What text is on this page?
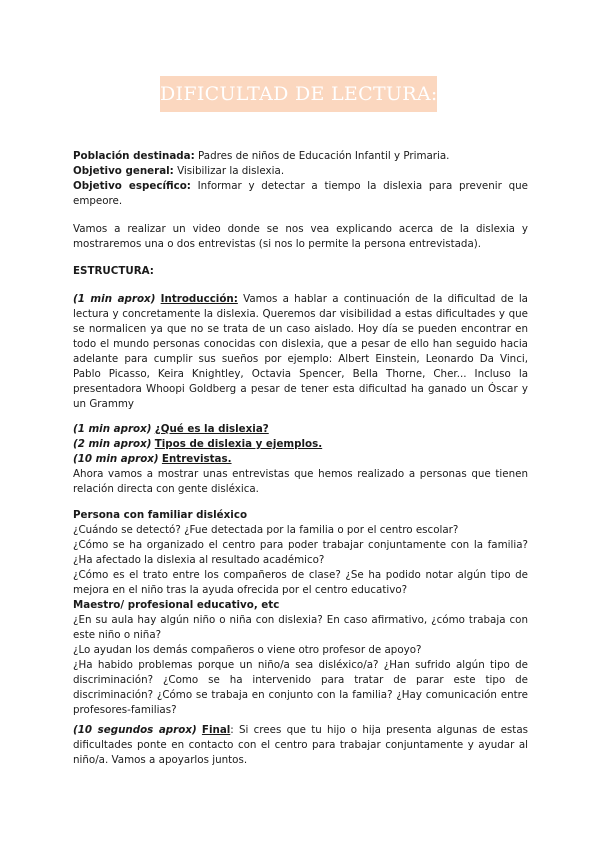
DIFICULTAD DE LECTURA: DISLEXIA

Población destinada: Padres de niños de Educación Infantil y Primaria.

Objetivo general: Visibilizar la dislexia.

Objetivo específico: Informar y detectar a tiempo la dislexia para prevenir que empeore.

Vamos a realizar un video donde se nos vea explicando acerca de la dislexia y mostraremos una o dos entrevistas (si nos lo permite la persona entrevistada).
ESTRUCTURA:
(1 min aprox) Introducción: Vamos a hablar a continuación de la dificultad de la lectura y concretamente la dislexia. Queremos dar visibilidad a estas dificultades y que se normalicen ya que no se trata de un caso aislado. Hoy día se pueden encontrar en todo el mundo personas conocidas con dislexia, que a pesar de ello han seguido hacia adelante para cumplir sus sueños por ejemplo: Albert Einstein, Leonardo Da Vinci, Pablo Picasso, Keira Knightley, Octavia Spencer, Bella Thorne, Cher... Incluso la presentadora Whoopi Goldberg a pesar de tener esta dificultad ha ganado un Óscar y un Grammy
(1 min aprox) ¿Qué es la dislexia?
(2 min aprox) Tipos de dislexia y ejemplos.
(10 min aprox) Entrevistas.
Ahora vamos a mostrar unas entrevistas que hemos realizado a personas que tienen relación directa con gente disléxica.
Persona con familiar disléxico
¿Cuándo se detectó? ¿Fue detectada por la familia o por el centro escolar?
¿Cómo se ha organizado el centro para poder trabajar conjuntamente con la familia? ¿Ha afectado la dislexia al resultado académico?
¿Cómo es el trato entre los compañeros de clase? ¿Se ha podido notar algún tipo de mejora en el niño tras la ayuda ofrecida por el centro educativo?
Maestro/ profesional educativo, etc
¿En su aula hay algún niño o niña con dislexia? En caso afirmativo, ¿cómo trabaja con este niño o niña?
¿Lo ayudan los demás compañeros o viene otro profesor de apoyo?
¿Ha habido problemas porque un niño/a sea disléxico/a? ¿Han sufrido algún tipo de discriminación? ¿Como se ha intervenido para tratar de parar este tipo de discriminación? ¿Cómo se trabaja en conjunto con la familia? ¿Hay comunicación entre profesores-familias?
(10 segundos aprox) Final: Si crees que tu hijo o hija presenta algunas de estas dificultades ponte en contacto con el centro para trabajar conjuntamente y ayudar al niño/a. Vamos a apoyarlos juntos.
